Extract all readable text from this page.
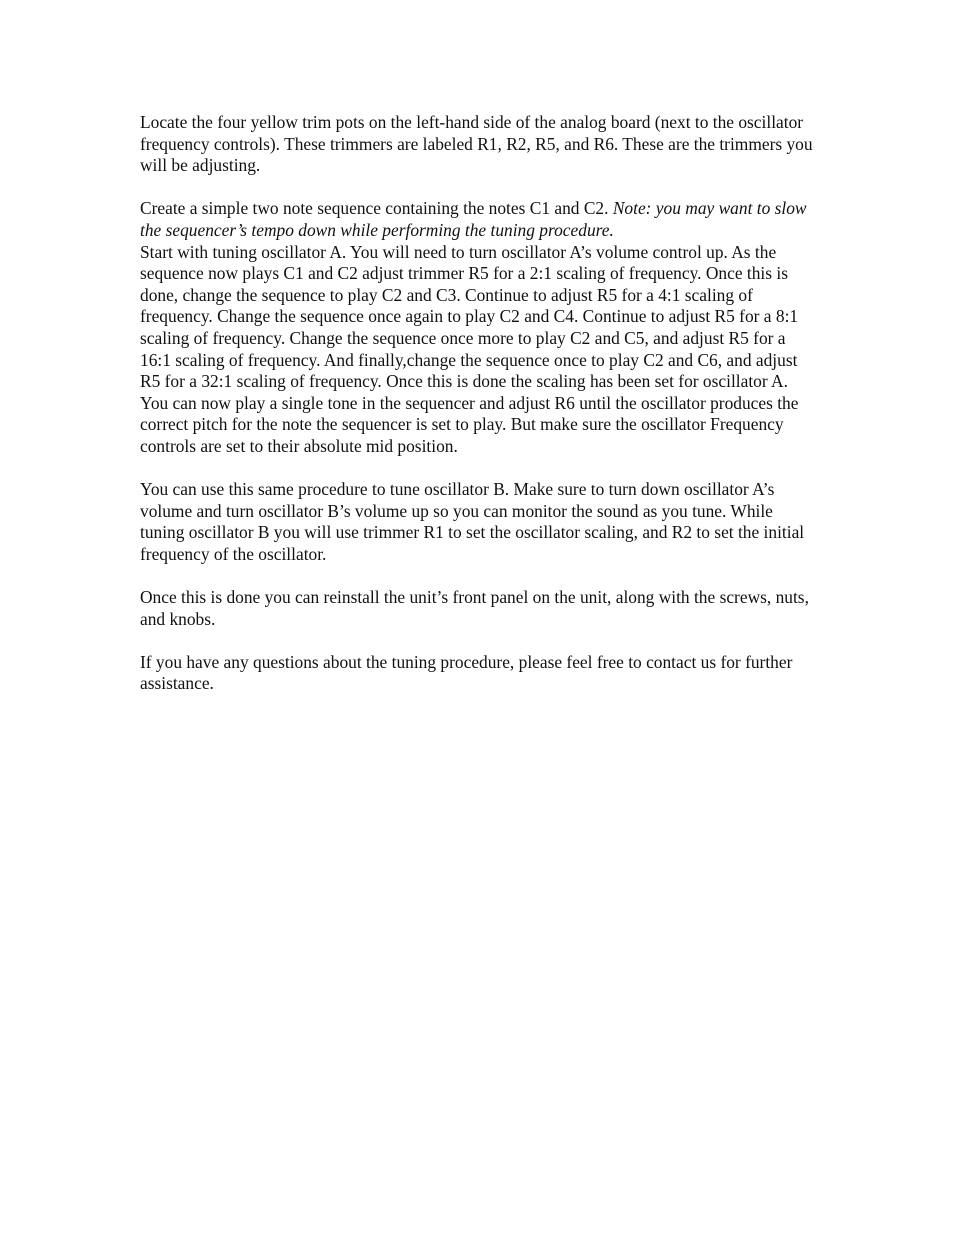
Locate the four yellow trim pots on the left-hand side of the analog board (next to the oscillator frequency controls). These trimmers are labeled R1, R2, R5, and R6. These are the trimmers you will be adjusting.

Create a simple two note sequence containing the notes C1 and C2. Note: you may want to slow the sequencer’s tempo down while performing the tuning procedure.

Start with tuning oscillator A. You will need to turn oscillator A’s volume control up. As the sequence now plays C1 and C2 adjust trimmer R5 for a 2:1 scaling of frequency. Once this is done, change the sequence to play C2 and C3. Continue to adjust R5 for a 4:1 scaling of frequency. Change the sequence once again to play C2 and C4. Continue to adjust R5 for a 8:1 scaling of frequency. Change the sequence once more to play C2 and C5, and adjust R5 for a 16:1 scaling of frequency. And finally,change the sequence once to play C2 and C6, and adjust R5 for a 32:1 scaling of frequency. Once this is done the scaling has been set for oscillator A. You can now play a single tone in the sequencer and adjust R6 until the oscillator produces the correct pitch for the note the sequencer is set to play. But make sure the oscillator Frequency controls are set to their absolute mid position.

You can use this same procedure to tune oscillator B. Make sure to turn down oscillator A’s volume and turn oscillator B’s volume up so you can monitor the sound as you tune. While tuning oscillator B you will use trimmer R1 to set the oscillator scaling, and R2 to set the initial frequency of the oscillator.

Once this is done you can reinstall the unit’s front panel on the unit, along with the screws, nuts, and knobs.

If you have any questions about the tuning procedure, please feel free to contact us for further assistance.
